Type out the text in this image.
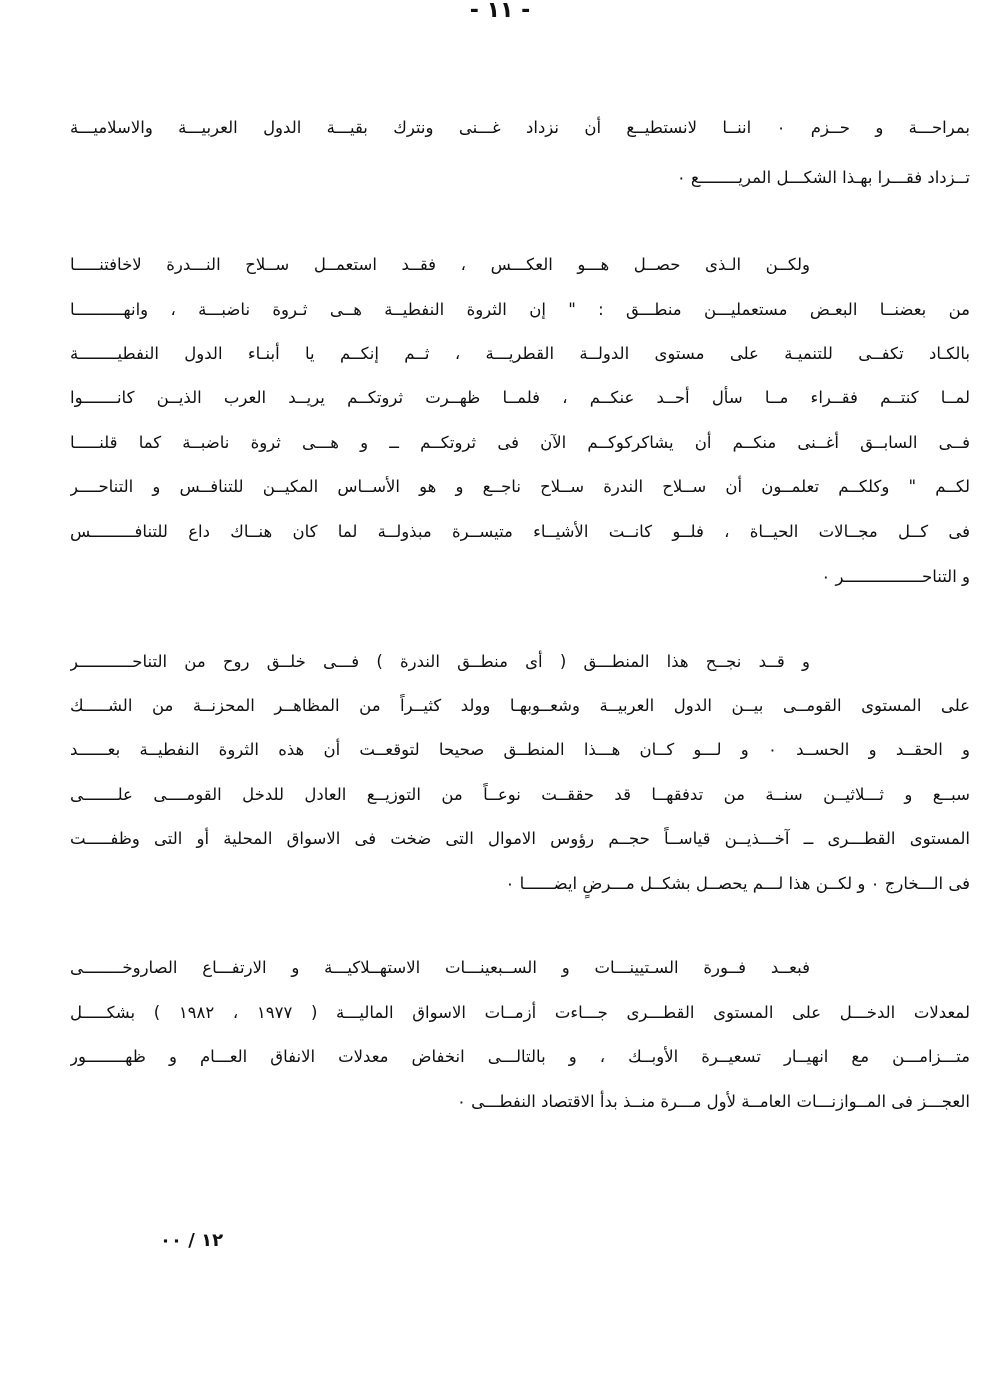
- ١١ -
بمراحـــة و حــزم ٠ اننــا لانستطيــع أن نزداد غـــنى ونترك بقيـــة الدول العربيـــة والاسلاميـــة
تــزداد فقـــرا بهـذا الشكـــل المريــــــــع ٠
ولكــن الـذى حصــل هـــو العكـــس ، فقــد استعمــل ســلاح النـــدرة لاخافتنـــــا
من بعضنــا البعـض مستعمليـــن منطـــق : " إن الثروة النفطيــة هــى ثـروة ناضبـــة ، وانهــــــــــا
بالكـاد تكفــى للتنميـة على مستوى الدولــة القطريـــة ، ثــم إنكــم يا أبنـاء الدول النفطيــــــــة
لمــا كنتــم فقــراء مــا سأل أحــد عنكــم ، فلمــا ظهــرت ثروتكــم يريــد العرب الذيــن كانـــــــوا
فــى السابــق أغــنى منكــم أن يشاكركوكــم الآن فى ثروتكــم ــ و هـــى ثروة ناضبــة كما قلنـــــا
لكــم " وكلكــم تعلمــون أن ســلاح الندرة ســلاح ناجــع و هو الأســاس المكيــن للتنافــس و التناحــــر
فى كــل مجــالات الحيــاة ، فلــو كانــت الأشيــاء متيســرة مبذولــة لما كان هنــاك داع للتنافـــــــــس
و التناحــــــــــــــــر ٠
و قــد نجــح هذا المنطـــق ( أى منطــق الندرة ) فـــى خلــق روح من التناحـــــــــــر
على المستوى القومــى بيــن الدول العربيــة وشعــوبهـا وولد كثيــراً من المظاهــر المحزنــة من الشـــــك
و الحقــد و الحســد ٠ و لـــو كــان هـــذا المنطــق صحيحا لتوقعــت أن هذه الثروة النفطيــة بعــــــد
سبــع و ثـــلاثيــن سنــة من تدفقهــا قد حققــت نوعــاً من التوزيــع العادل للدخل القومــــى علـــــــى
المستوى القطـــرى ــ آخـــذيــن قياســاً حجــم رؤوس الاموال التى ضخت فى الاسواق المحلية أو التى وظفـــــت
فى الـــخارج ٠ و لكــن هذا لـــم يحصــل بشكــل مـــرضٍ ايضــــــا ٠
فبعــد فــورة السـتيينـــات و الســبعينـــات الاستهــلاكيـــة و الارتفـــاع الصاروخــــــــى
لمعدلات الدخـــل على المستوى القطـــرى جـــاءت أزمــات الاسواق الماليـــة ( ١٩٧٧ ، ١٩٨٢ ) بشكـــــل
متـــزامـــن مع انهيــار تسعيــرة الأوبــك ، و بالتالـــى انخفاض معدلات الانفاق العـــام و ظهــــــــور
العجـــز فى المــوازنـــات العامــة لأول مـــرة منــذ بدأ الاقتصاد النفطـــى ٠
١٢ / ٠٠
